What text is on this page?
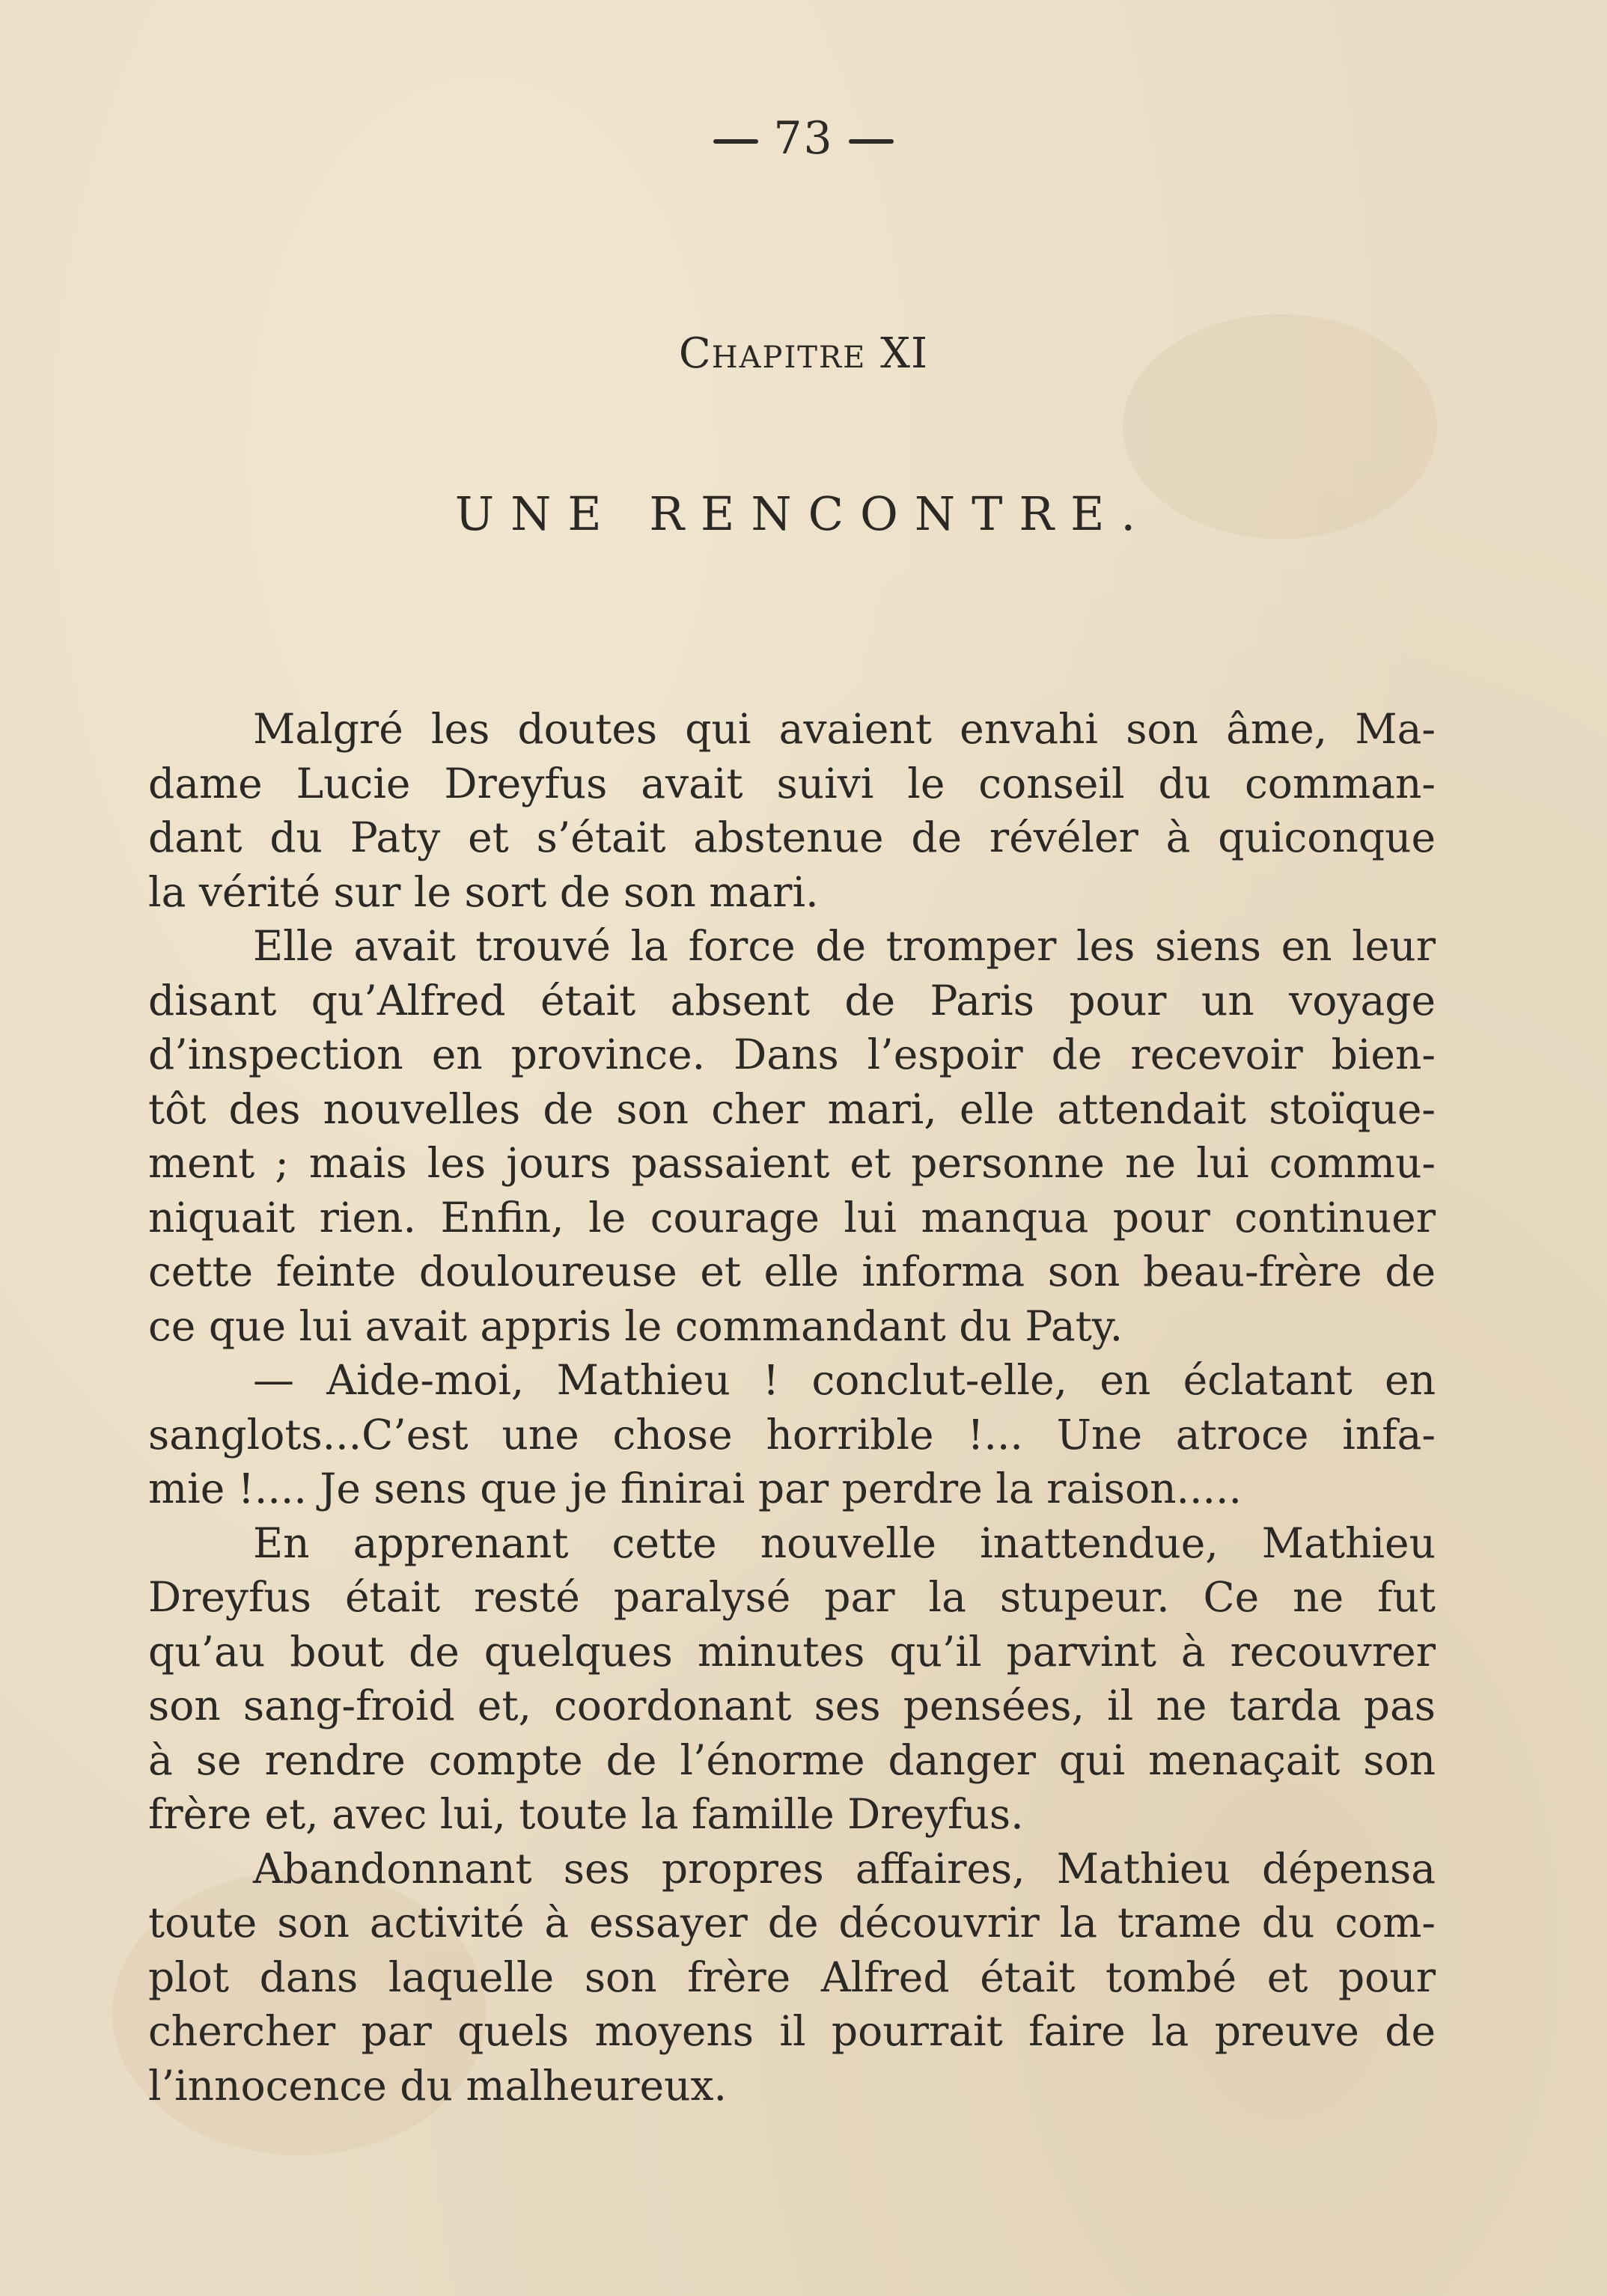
73
CHAPITRE XI
UNE RENCONTRE.
Malgré les doutes qui avaient envahi son âme, Ma-
dame Lucie Dreyfus avait suivi le conseil du comman-
dant du Paty et s’était abstenue de révéler à quiconque
la vérité sur le sort de son mari.
Elle avait trouvé la force de tromper les siens en leur
disant qu’Alfred était absent de Paris pour un voyage
d’inspection en province. Dans l’espoir de recevoir bien-
tôt des nouvelles de son cher mari, elle attendait stoïque-
ment ; mais les jours passaient et personne ne lui commu-
niquait rien. Enfin, le courage lui manqua pour continuer
cette feinte douloureuse et elle informa son beau-frère de
ce que lui avait appris le commandant du Paty.
— Aide-moi, Mathieu ! conclut-elle, en éclatant en
sanglots...C’est une chose horrible !... Une atroce infa-
mie !.... Je sens que je finirai par perdre la raison.....
En apprenant cette nouvelle inattendue, Mathieu
Dreyfus était resté paralysé par la stupeur. Ce ne fut
qu’au bout de quelques minutes qu’il parvint à recouvrer
son sang-froid et, coordonant ses pensées, il ne tarda pas
à se rendre compte de l’énorme danger qui menaçait son
frère et, avec lui, toute la famille Dreyfus.
Abandonnant ses propres affaires, Mathieu dépensa
toute son activité à essayer de découvrir la trame du com-
plot dans laquelle son frère Alfred était tombé et pour
chercher par quels moyens il pourrait faire la preuve de
l’innocence du malheureux.
